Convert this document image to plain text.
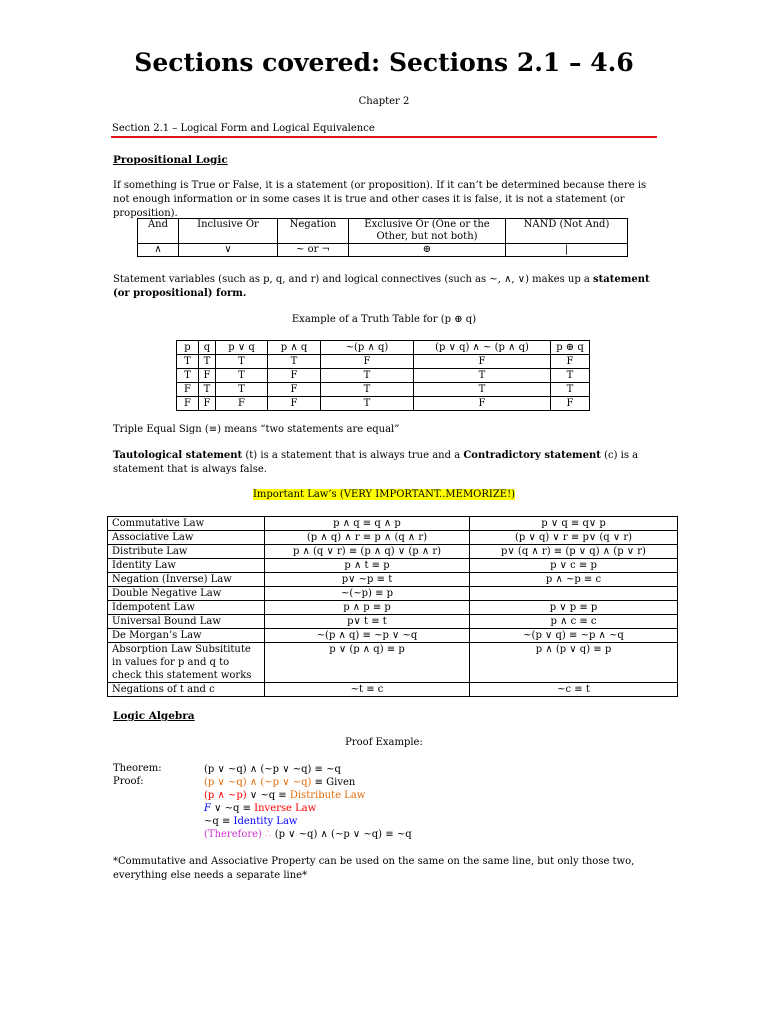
Sections covered: Sections 2.1 – 4.6
Chapter 2
Section 2.1 – Logical Form and Logical Equivalence
Propositional Logic
If something is True or False, it is a statement (or proposition). If it can’t be determined because there is not enough information or in some cases it is true and other cases it is false, it is not a statement (or proposition).
And	Inclusive Or	Negation	Exclusive Or (One or the Other, but not both)	NAND (Not And)
∧	∨	~ or ¬	⊕	|
Statement variables (such as p, q, and r) and logical connectives (such as ~, ∧, ∨) makes up a statement (or propositional) form.
Example of a Truth Table for (p ⊕ q)
p	q	p ∨ q	p ∧ q	~(p ∧ q)	(p ∨ q) ∧ ~ (p ∧ q)	p ⊕ q
T	T	T	T	F	F	F
T	F	T	F	T	T	T
F	T	T	F	T	T	T
F	F	F	F	T	F	F
Triple Equal Sign (≡) means “two statements are equal”
Tautological statement (t) is a statement that is always true and a Contradictory statement (c) is a statement that is always false.
Important Law’s (VERY IMPORTANT..MEMORIZE!)
Commutative Law	p ∧ q ≡ q ∧ p	p ∨ q ≡ q∨ p
Associative Law	(p ∧ q) ∧ r ≡ p ∧ (q ∧ r)	(p ∨ q) ∨ r ≡ p∨ (q ∨ r)
Distribute Law	p ∧ (q ∨ r) ≡ (p ∧ q) ∨ (p ∧ r)	p∨ (q ∧ r) ≡ (p ∨ q) ∧ (p ∨ r)
Identity Law	p ∧ t ≡ p	p ∨ c ≡ p
Negation (Inverse) Law	p∨ ~p ≡ t	p ∧ ~p ≡ c
Double Negative Law	~(~p) ≡ p	
Idempotent Law	p ∧ p ≡ p	p ∨ p ≡ p
Universal Bound Law	p∨ t ≡ t	p ∧ c ≡ c
De Morgan’s Law	~(p ∧ q) ≡ ~p ∨ ~q	~(p ∨ q) ≡ ~p ∧ ~q
Absorption Law Subsititute in values for p and q to check this statement works	p ∨ (p ∧ q) ≡ p	p ∧ (p ∨ q) ≡ p
Negations of t and c	~t ≡ c	~c ≡ t
Logic Algebra
Proof Example:
Theorem:	(p ∨ ~q) ∧ (~p ∨ ~q) ≡ ~q
Proof:	(p ∨ ~q) ∧ (~p ∨ ~q) ≡ Given
(p ∧ ~p) ∨ ~q ≡ Distribute Law
F ∨ ~q ≡ Inverse Law
~q ≡ Identity Law
(Therefore) ∴ (p ∨ ~q) ∧ (~p ∨ ~q) ≡ ~q
*Commutative and Associative Property can be used on the same on the same line, but only those two, everything else needs a separate line*
